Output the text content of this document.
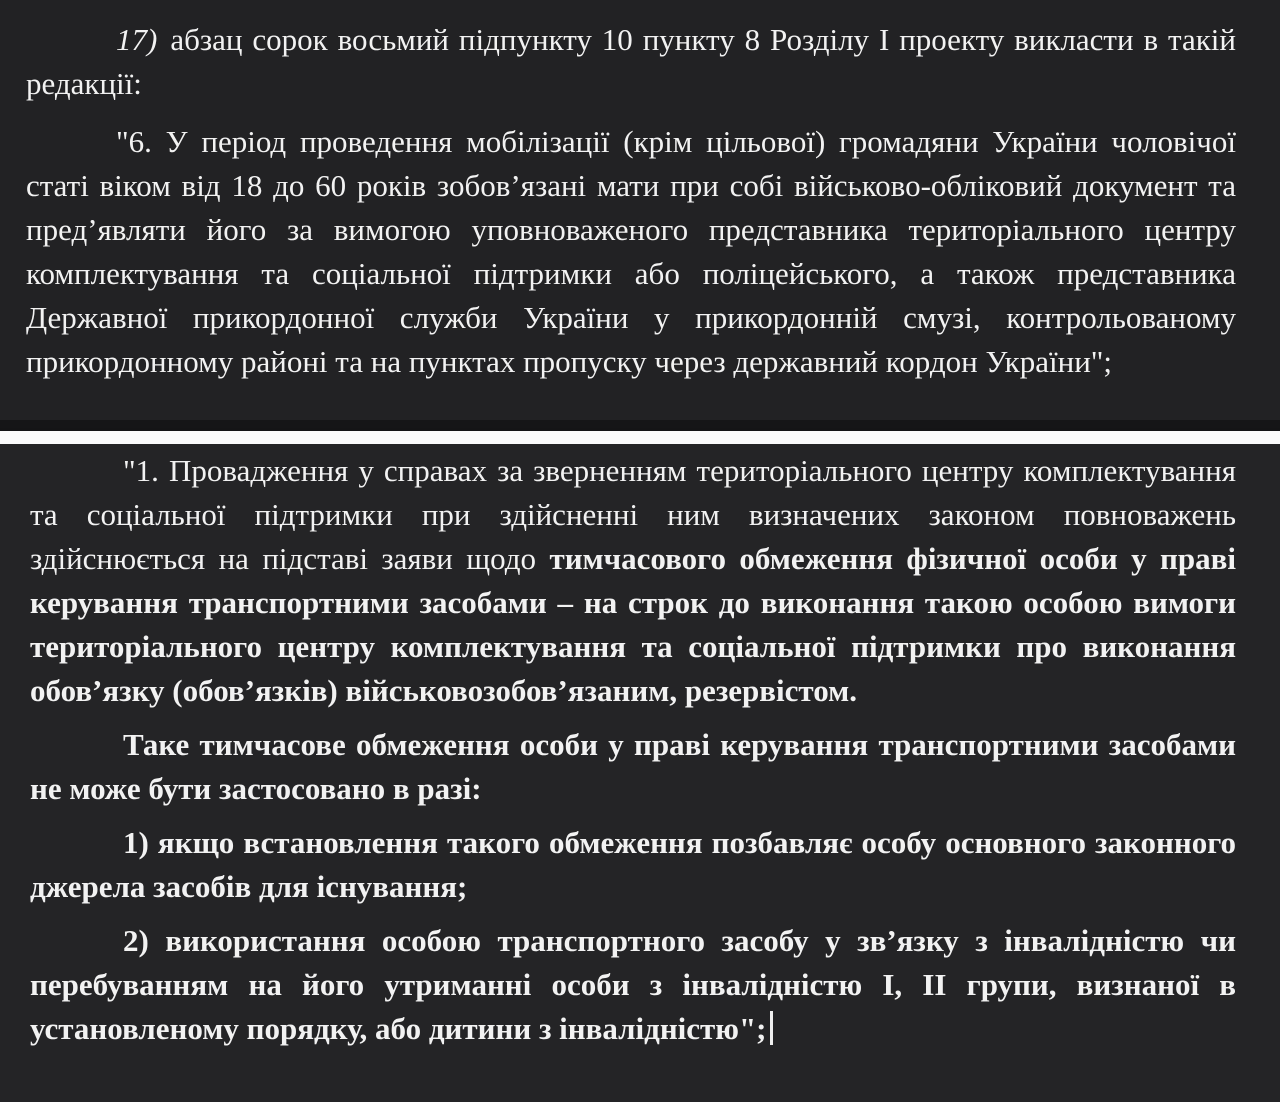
17) абзац сорок восьмий підпункту 10 пункту 8 Розділу І проекту викласти в такій редакції:

"6. У період проведення мобілізації (крім цільової) громадяни України чоловічої статі віком від 18 до 60 років зобов’язані мати при собі військово-обліковий документ та пред’являти його за вимогою уповноваженого представника територіального центру комплектування та соціальної підтримки або поліцейського, а також представника Державної прикордонної служби України у прикордонній смузі, контрольованому прикордонному районі та на пунктах пропуску через державний кордон України";

"1. Провадження у справах за зверненням територіального центру комплектування та соціальної підтримки при здійсненні ним визначених законом повноважень здійснюється на підставі заяви щодо тимчасового обмеження фізичної особи у праві керування транспортними засобами – на строк до виконання такою особою вимоги територіального центру комплектування та соціальної підтримки про виконання обов’язку (обов’язків) військовозобов’язаним, резервістом.

Таке тимчасове обмеження особи у праві керування транспортними засобами не може бути застосовано в разі:

1) якщо встановлення такого обмеження позбавляє особу основного законного джерела засобів для існування;

2) використання особою транспортного засобу у зв’язку з інвалідністю чи перебуванням на його утриманні особи з інвалідністю І, ІІ групи, визнаної в установленому порядку, або дитини з інвалідністю";
